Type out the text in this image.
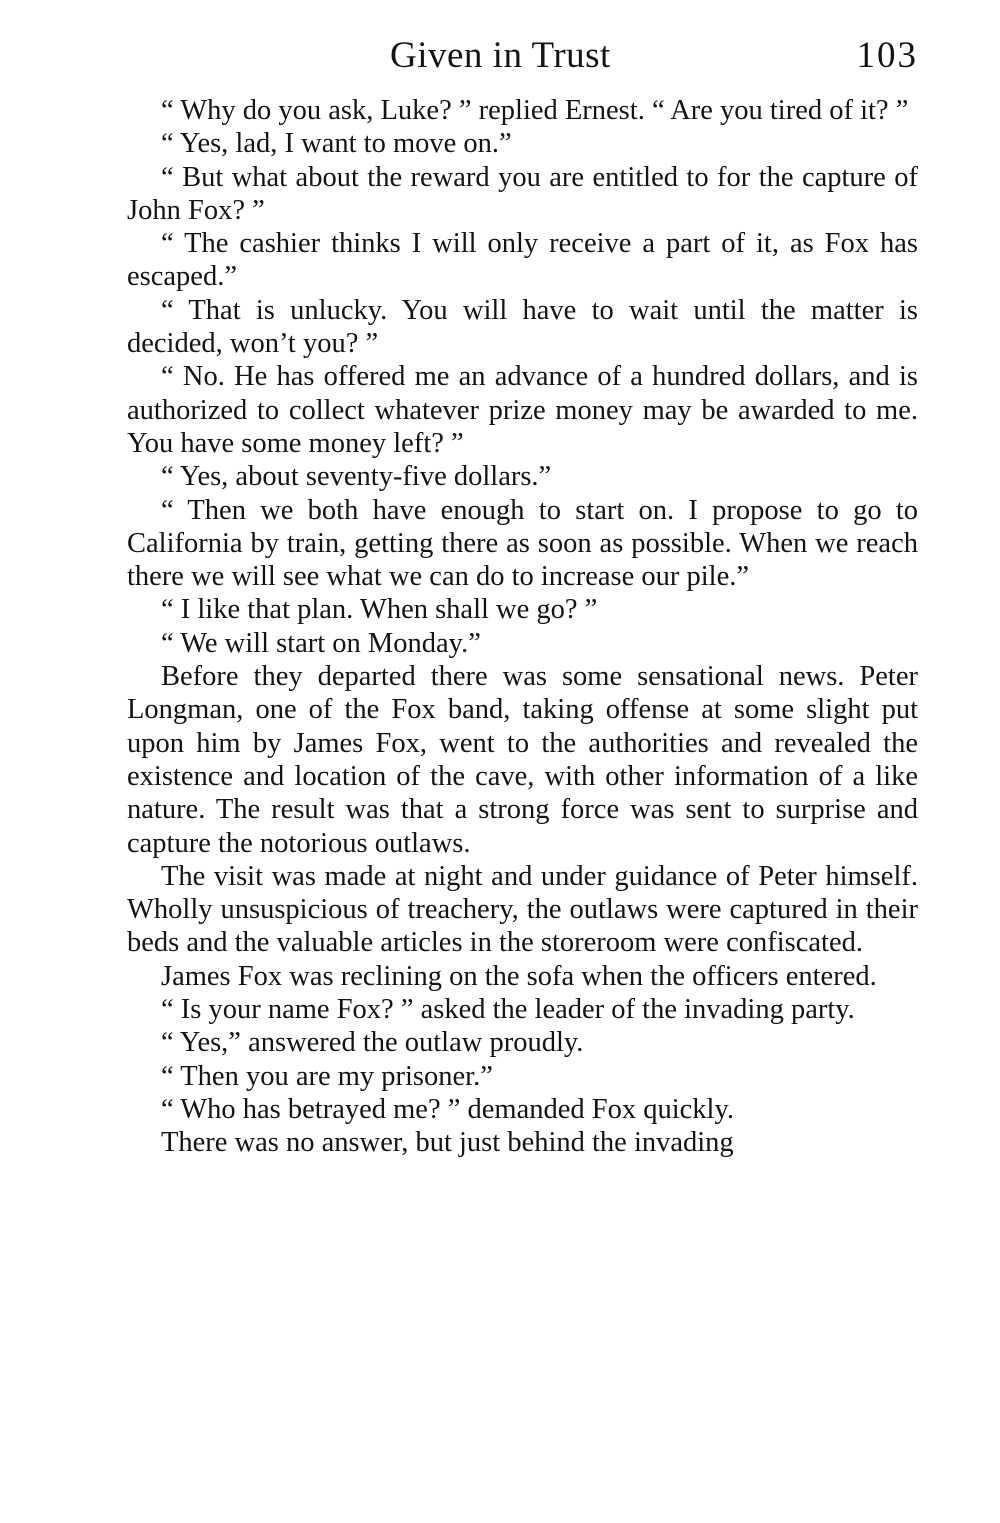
Given in Trust	103

“ Why do you ask, Luke? ” replied Ernest. “ Are you tired of it? ”

“ Yes, lad, I want to move on.”

“ But what about the reward you are entitled to for the capture of John Fox? ”

“ The cashier thinks I will only receive a part of it, as Fox has escaped.”

“ That is unlucky. You will have to wait until the matter is decided, won’t you? ”

“ No. He has offered me an advance of a hundred dollars, and is authorized to collect whatever prize money may be awarded to me. You have some money left? ”

“ Yes, about seventy-five dollars.”

“ Then we both have enough to start on. I propose to go to California by train, getting there as soon as possible. When we reach there we will see what we can do to increase our pile.”

“ I like that plan. When shall we go? ”

“ We will start on Monday.”

Before they departed there was some sensational news. Peter Longman, one of the Fox band, taking offense at some slight put upon him by James Fox, went to the authorities and revealed the existence and location of the cave, with other information of a like nature. The result was that a strong force was sent to surprise and capture the notorious outlaws.

The visit was made at night and under guidance of Peter himself. Wholly unsuspicious of treachery, the outlaws were captured in their beds and the valuable articles in the storeroom were confiscated.

James Fox was reclining on the sofa when the officers entered.

“ Is your name Fox? ” asked the leader of the invading party.

“ Yes,” answered the outlaw proudly.

“ Then you are my prisoner.”

“ Who has betrayed me? ” demanded Fox quickly.

There was no answer, but just behind the invading
